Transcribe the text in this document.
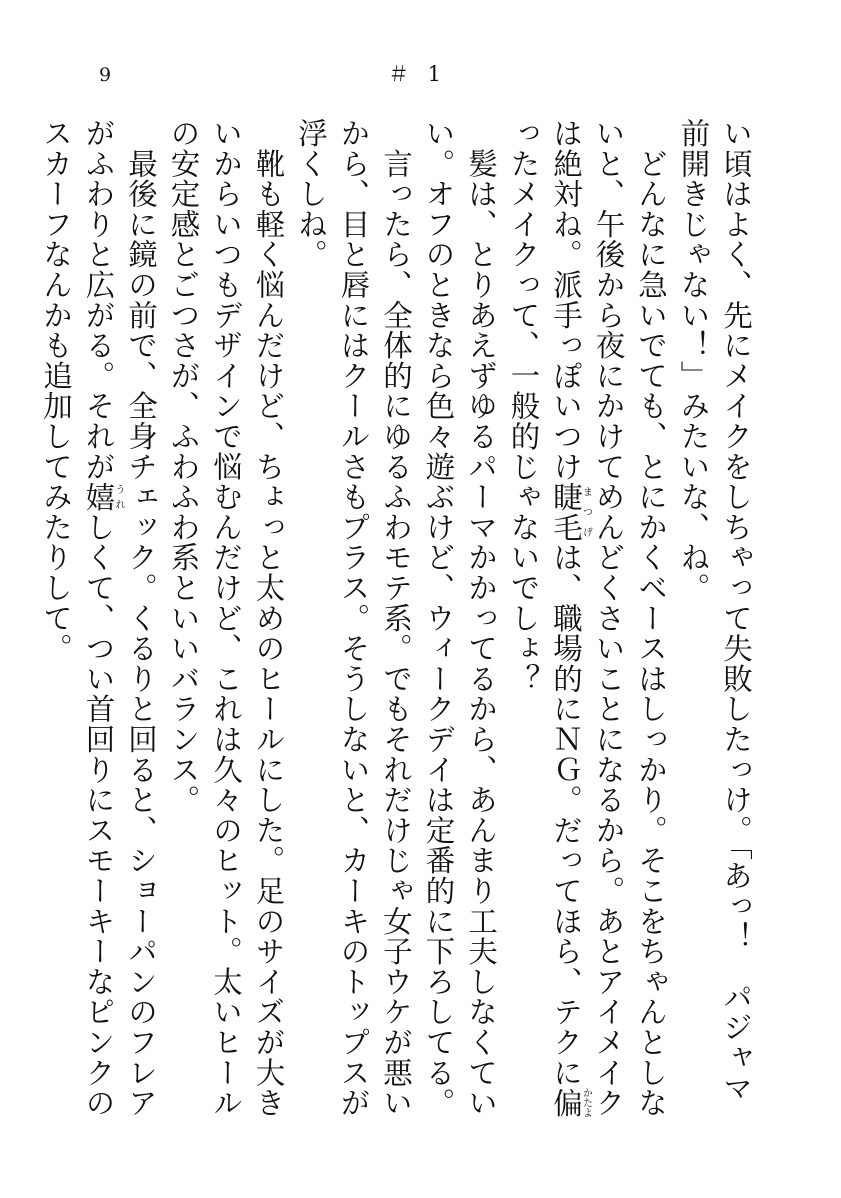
9	＃ 1

い頃はよく、先にメイクをしちゃって失敗したっけ。「あっ！　パジャマ前開きじゃない！」みたいな、ね。

　どんなに急いでても、とにかくベースはしっかり。そこをちゃんとしないと、午後から夜にかけてめんどくさいことになるから。あとアイメイクは絶対ね。派手っぽいつけ睫毛まつげは、職場的にＮＧ。だってほら、テクに偏かたよったメイクって、一般的じゃないでしょ？

　髪は、とりあえずゆるパーマかかってるから、あんまり工夫しなくていい。オフのときなら色々遊ぶけど、ウィークデイは定番的に下ろしてる。

　言ったら、全体的にゆるふわモテ系。でもそれだけじゃ女子ウケが悪いから、目と唇にはクールさもプラス。そうしないと、カーキのトップスが浮くしね。

　靴も軽く悩んだけど、ちょっと太めのヒールにした。足のサイズが大きいからいつもデザインで悩むんだけど、これは久々のヒット。太いヒールの安定感とごつさが、ふわふわ系といいバランス。

　最後に鏡の前で、全身チェック。くるりと回ると、ショーパンのフレアがふわりと広がる。それが嬉うれしくて、つい首回りにスモーキーなピンクのスカーフなんかも追加してみたりして。
